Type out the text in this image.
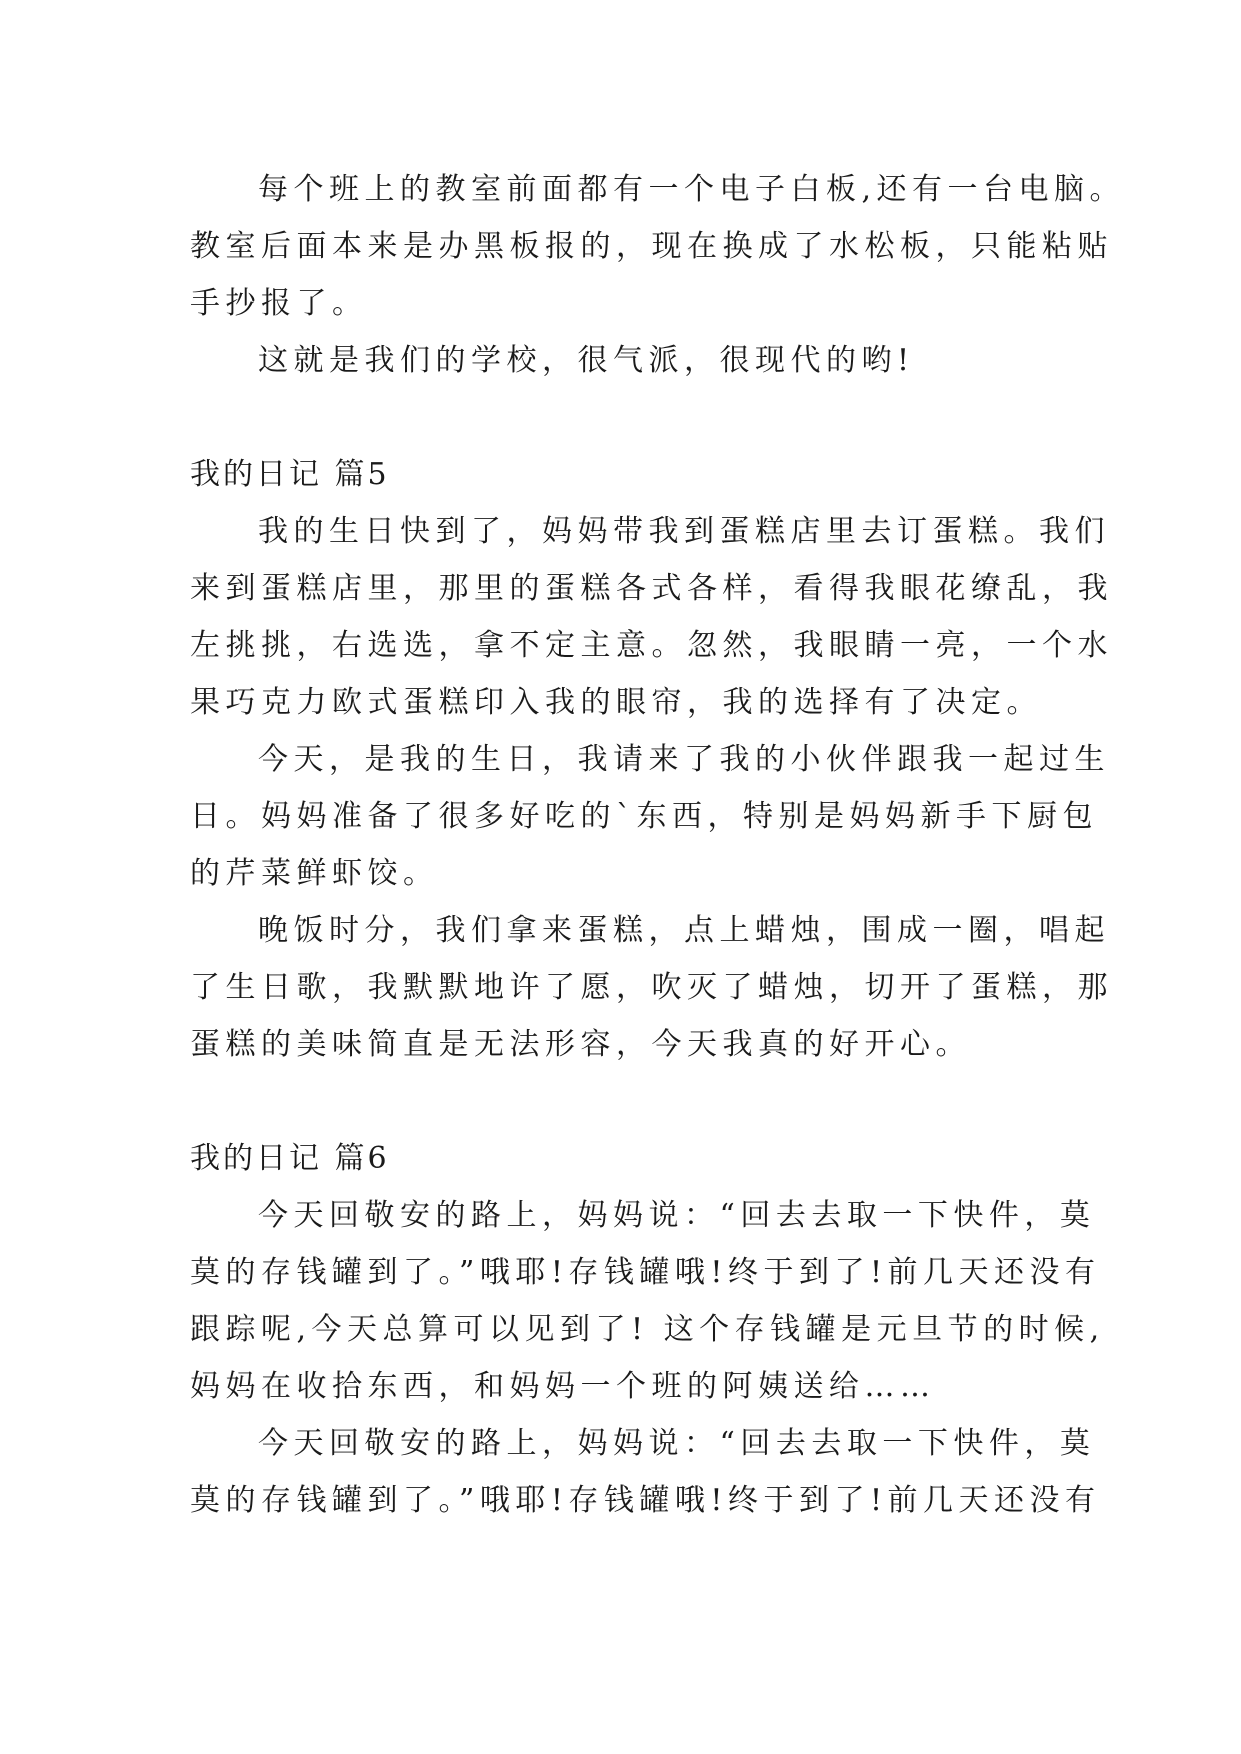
每个班上的教室前面都有一个电子白板,还有一台电脑。
教室后面本来是办黑板报的，现在换成了水松板，只能粘贴
手抄报了。
这就是我们的学校，很气派，很现代的哟!
我的日记 篇5
我的生日快到了，妈妈带我到蛋糕店里去订蛋糕。我们
来到蛋糕店里，那里的蛋糕各式各样，看得我眼花缭乱，我
左挑挑，右选选，拿不定主意。忽然，我眼睛一亮，一个水
果巧克力欧式蛋糕印入我的眼帘，我的选择有了决定。
今天，是我的生日，我请来了我的小伙伴跟我一起过生
日。妈妈准备了很多好吃的`东西，特别是妈妈新手下厨包
的芹菜鲜虾饺。
晚饭时分，我们拿来蛋糕，点上蜡烛，围成一圈，唱起
了生日歌，我默默地许了愿，吹灭了蜡烛，切开了蛋糕，那
蛋糕的美味简直是无法形容，今天我真的好开心。
我的日记 篇6
今天回敬安的路上，妈妈说：“回去去取一下快件，莫
莫的存钱罐到了。”哦耶!存钱罐哦!终于到了!前几天还没有
跟踪呢,今天总算可以见到了! 这个存钱罐是元旦节的时候,
妈妈在收拾东西，和妈妈一个班的阿姨送给……
今天回敬安的路上，妈妈说：“回去去取一下快件，莫
莫的存钱罐到了。”哦耶!存钱罐哦!终于到了!前几天还没有
